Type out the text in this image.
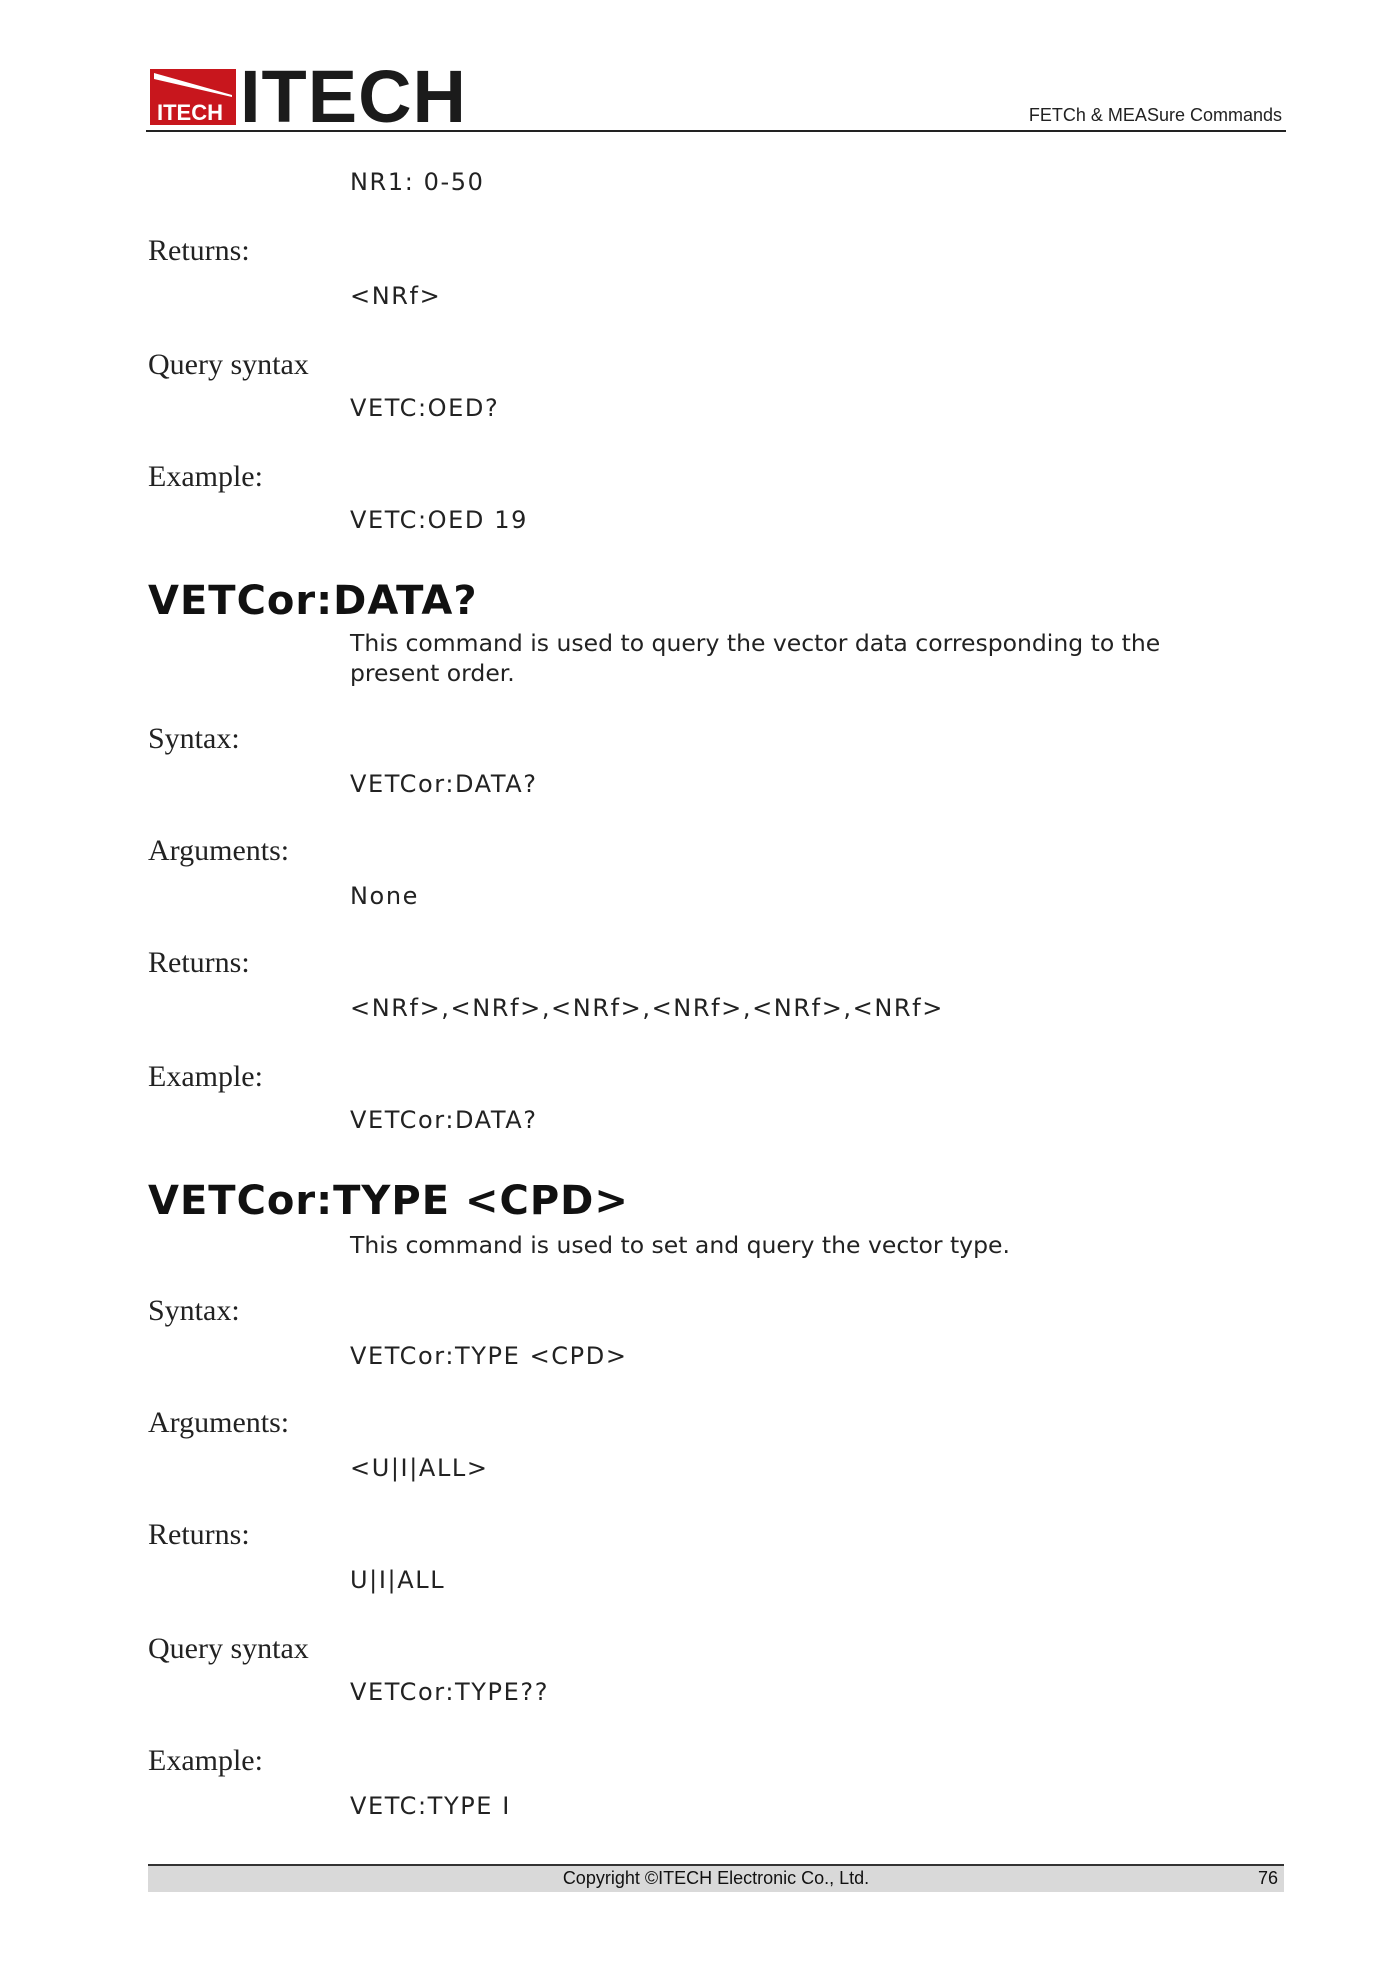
ITECH ITECH	FETCh & MEASure Commands
NR1: 0-50
Returns:
<NRf>
Query syntax
VETC:OED?
Example:
VETC:OED 19
VETCor:DATA?
This command is used to query the vector data corresponding to the present order.
Syntax:
VETCor:DATA?
Arguments:
None
Returns:
<NRf>,<NRf>,<NRf>,<NRf>,<NRf>,<NRf>
Example:
VETCor:DATA?
VETCor:TYPE <CPD>
This command is used to set and query the vector type.
Syntax:
VETCor:TYPE <CPD>
Arguments:
<U|I|ALL>
Returns:
U|I|ALL
Query syntax
VETCor:TYPE??
Example:
VETC:TYPE I
Copyright ©ITECH Electronic Co., Ltd.	76
